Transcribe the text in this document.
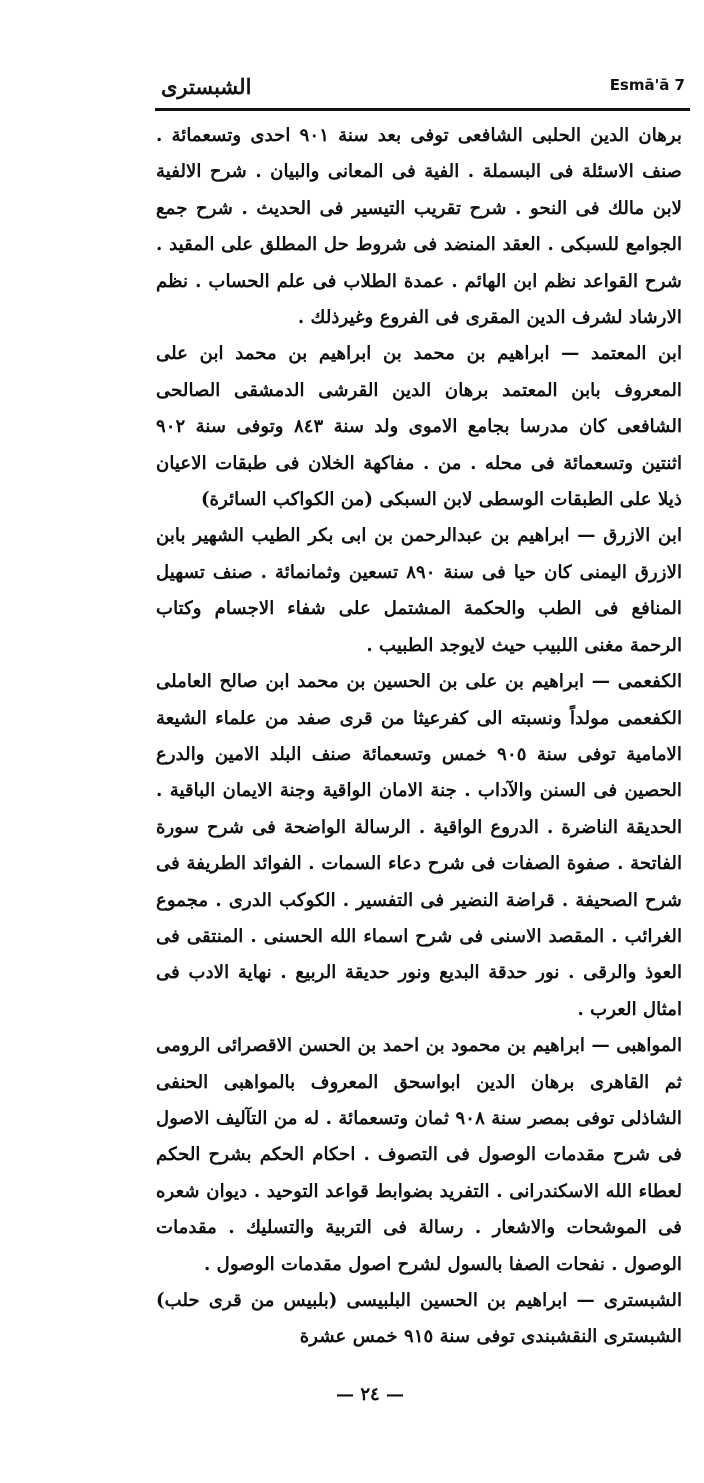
الشبسترى	Esmā'ā 7

برهان الدين الحلبى الشافعى توفى بعد سنة ٩٠١ احدى وتسعمائة . صنف الاسئلة فى البسملة . الفية فى المعانى والبيان . شرح الالفية لابن مالك فى النحو . شرح تقريب التيسير فى الحديث . شرح جمع الجوامع للسبكى . العقد المنضد فى شروط حل المطلق على المقيد . شرح القواعد نظم ابن الهائم . عمدة الطلاب فى علم الحساب . نظم الارشاد لشرف الدين المقرى فى الفروع وغيرذلك .

ابن المعتمد — ابراهيم بن محمد بن ابراهيم بن محمد ابن على المعروف بابن المعتمد برهان الدين القرشى الدمشقى الصالحى الشافعى كان مدرسا بجامع الاموى ولد سنة ٨٤٣ وتوفى سنة ٩٠٢ اثنتين وتسعمائة فى محله . من . مفاكهة الخلان فى طبقات الاعيان ذيلا على الطبقات الوسطى لابن السبكى (من الكواكب السائرة)

ابن الازرق — ابراهيم بن عبدالرحمن بن ابى بكر الطيب الشهير بابن الازرق اليمنى كان حيا فى سنة ٨٩٠ تسعين وثمانمائة . صنف تسهيل المنافع فى الطب والحكمة المشتمل على شفاء الاجسام وكتاب الرحمة مغنى اللبيب حيث لايوجد الطبيب .

الكفعمى — ابراهيم بن على بن الحسين بن محمد ابن صالح العاملى الكفعمى مولداً ونسبته الى كفرعيثا من قرى صفد من علماء الشيعة الامامية توفى سنة ٩٠٥ خمس وتسعمائة صنف البلد الامين والدرع الحصين فى السنن والآداب . جنة الامان الواقية وجنة الايمان الباقية . الحديقة الناضرة . الدروع الواقية . الرسالة الواضحة فى شرح سورة الفاتحة . صفوة الصفات فى شرح دعاء السمات . الفوائد الطريفة فى شرح الصحيفة . قراضة النضير فى التفسير . الكوكب الدرى . مجموع الغرائب . المقصد الاسنى فى شرح اسماء الله الحسنى . المنتقى فى العوذ والرقى . نور حدقة البديع ونور حديقة الربيع . نهاية الادب فى امثال العرب .

المواهبى — ابراهيم بن محمود بن احمد بن الحسن الاقصرائى الرومى ثم القاهرى برهان الدين ابواسحق المعروف بالمواهبى الحنفى الشاذلى توفى بمصر سنة ٩٠٨ ثمان وتسعمائة . له من التآليف الاصول فى شرح مقدمات الوصول فى التصوف . احكام الحكم بشرح الحكم لعطاء الله الاسكندرانى . التفريد بضوابط قواعد التوحيد . ديوان شعره فى الموشحات والاشعار . رسالة فى التربية والتسليك . مقدمات الوصول . نفحات الصفا بالسول لشرح اصول مقدمات الوصول .

الشبسترى — ابراهيم بن الحسين البلبيسى (بلبيس من قرى حلب) الشبسترى النقشبندى توفى سنة ٩١٥ خمس عشرة

— ٢٤ —
